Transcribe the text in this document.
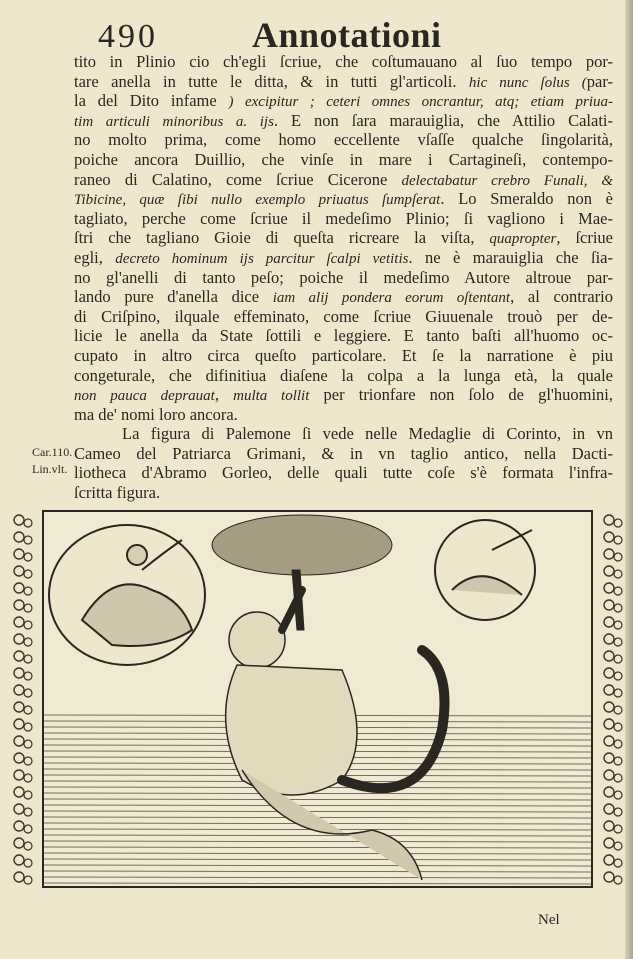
490	Annotationi
tito in Plinio cio ch'egli ſcriue, che coſtumauano al ſuo tempo por-
tare anella in tutte le ditta, & in tutti gl'articoli. hic nunc ſolus (par-
la del Dito infame ) excipitur ; ceteri omnes oncrantur, atq; etiam priua-
tim articuli minoribus a. ijs. E non ſara marauiglia, che Attilio Calati-
no molto prima, come homo eccellente vſaſſe qualche ſingolarità,
poiche ancora Duillio, che vinſe in mare i Cartagineſi, contempo-
raneo di Calatino, come ſcriue Cicerone delectabatur crebro Funali, &
Tibicine, quæ ſibi nullo exemplo priuatus ſumpſerat. Lo Smeraldo non è
tagliato, perche come ſcriue il medeſimo Plinio; ſi vagliono i Mae-
ſtri che tagliano Gioie di queſta ricreare la viſta, quapropter, ſcriue
egli, decreto hominum ijs parcitur ſcalpi vetitis. ne è marauiglia che ſia-
no gl'anelli di tanto peſo; poiche il medeſimo Autore altroue par-
lando pure d'anella dice iam alij pondera eorum oſtentant, al contrario
di Criſpino, ilquale effeminato, come ſcriue Giuuenale trouò per de-
licie le anella da State ſottili e leggiere. E tanto baſti all'huomo oc-
cupato in altro circa queſto particolare. Et ſe la narratione è piu
congeturale, che difinitiua diaſene la colpa a la lunga età, la quale
non pauca deprauat, multa tollit per trionfare non ſolo de gl'huomini,
ma de' nomi loro ancora.
La figura di Palemone ſi vede nelle Medaglie di Corinto, in vn
Cameo del Patriarca Grimani, & in vn taglio antico, nella Dacti-
liotheca d'Abramo Gorleo, delle quali tutte coſe s'è formata l'infra-
ſcritta figura.
Car.110.
Lin.vlt.
Nel
